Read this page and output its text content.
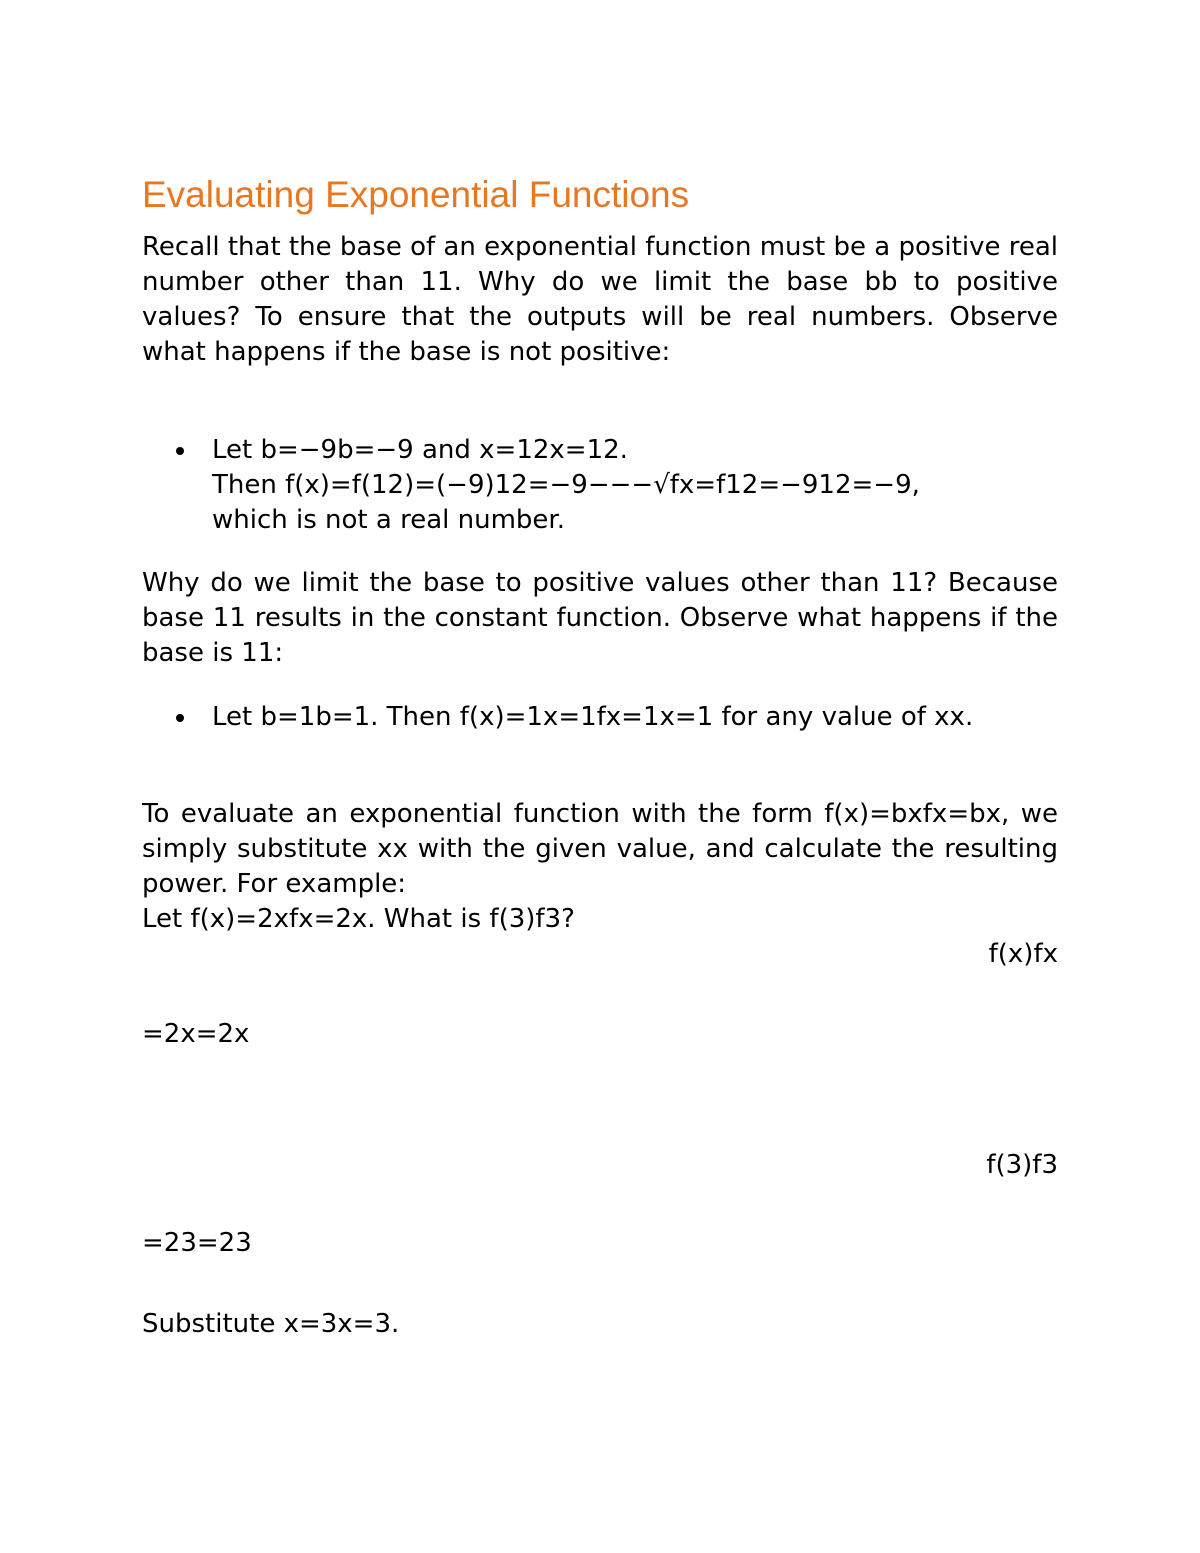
Evaluating Exponential Functions

Recall that the base of an exponential function must be a positive real number other than 11. Why do we limit the base bb to positive values? To ensure that the outputs will be real numbers. Observe what happens if the base is not positive:

Let b=−9b=−9 and x=12x=12.
Then f(x)=f(12)=(−9)12=−9−−−√fx=f12=−912=−9,
which is not a real number.

Why do we limit the base to positive values other than 11? Because base 11 results in the constant function. Observe what happens if the base is 11:

Let b=1b=1. Then f(x)=1x=1fx=1x=1 for any value of xx.

To evaluate an exponential function with the form f(x)=bxfx=bx, we simply substitute xx with the given value, and calculate the resulting power. For example:

Let f(x)=2xfx=2x. What is f(3)f3?

f(x)fx

=2x=2x

f(3)f3

=23=23

Substitute x=3x=3.
